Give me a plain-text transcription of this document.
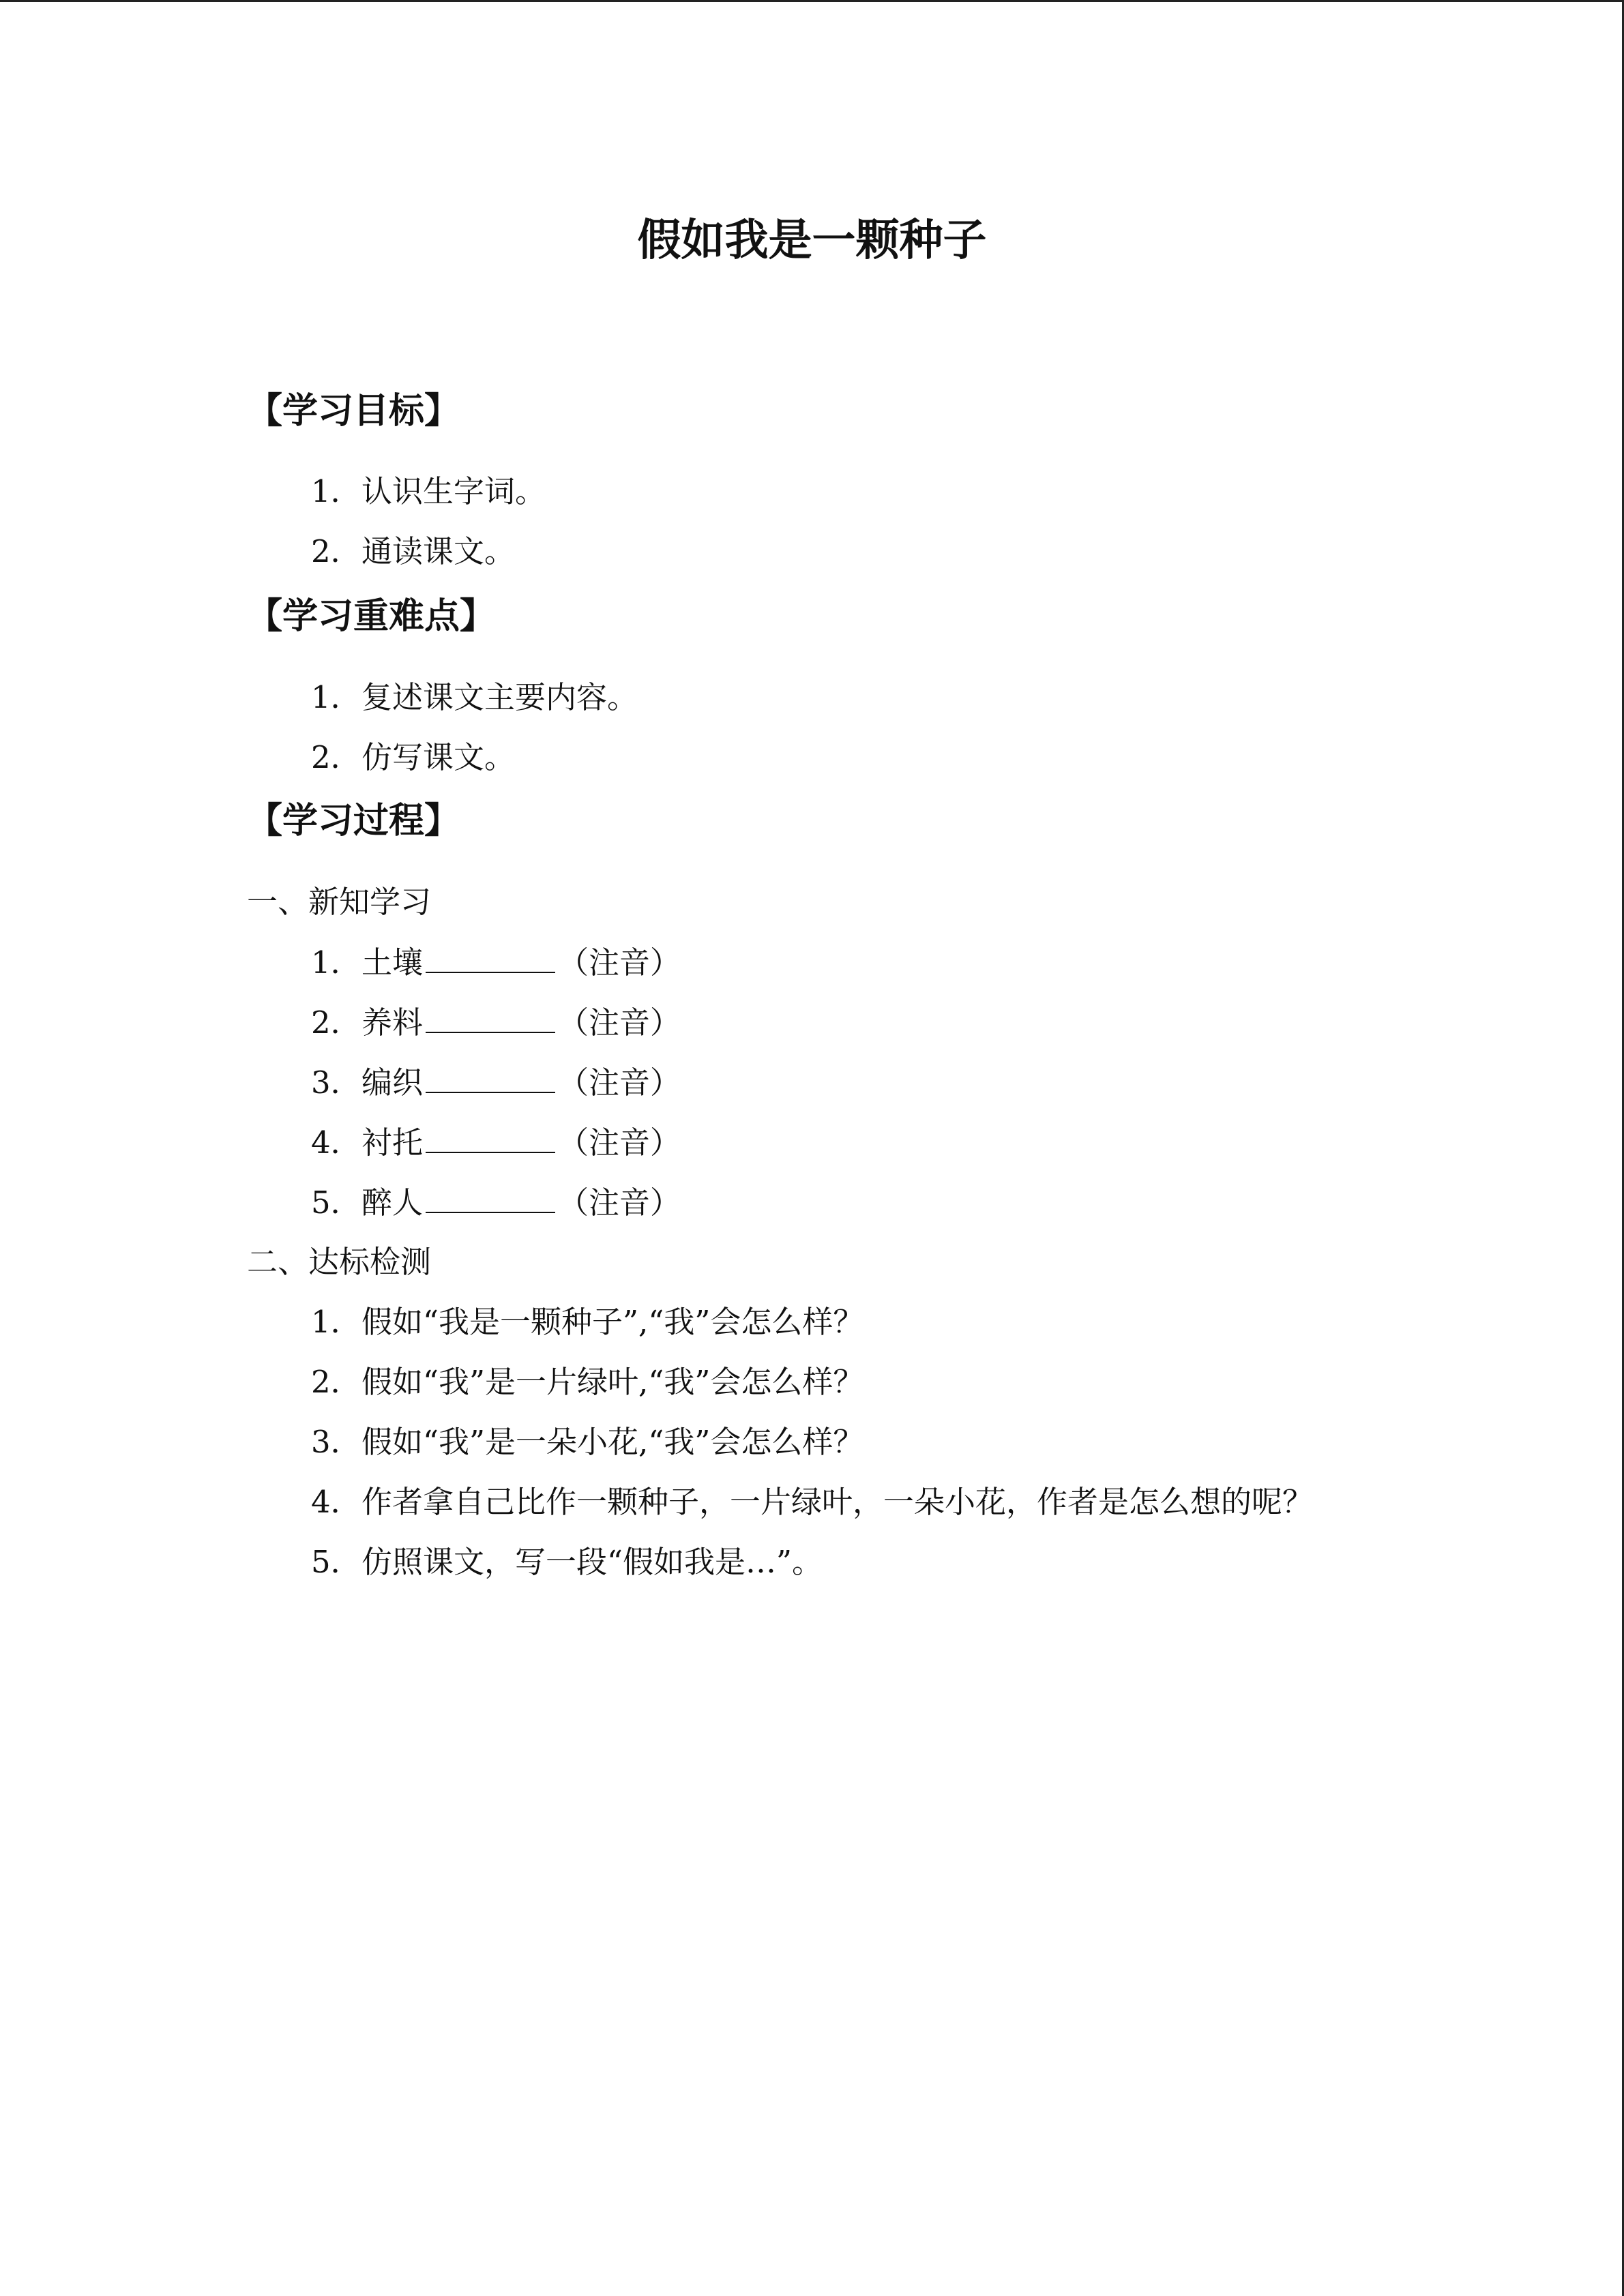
假如我是一颗种子
【学习目标】
1．认识生字词。
2．通读课文。
【学习重难点】
1．复述课文主要内容。
2．仿写课文。
【学习过程】
一、新知学习
1．土壤	（注音）
2．养料	（注音）
3．编织	（注音）
4．衬托	（注音）
5．醉人	（注音）
二、达标检测
1．假如“我是一颗种子”,“我”会怎么样？
2．假如“我”是一片绿叶,“我”会怎么样？
3．假如“我”是一朵小花,“我”会怎么样？
4．作者拿自己比作一颗种子，一片绿叶，一朵小花，作者是怎么想的呢？
5．仿照课文，写一段“假如我是…”。
